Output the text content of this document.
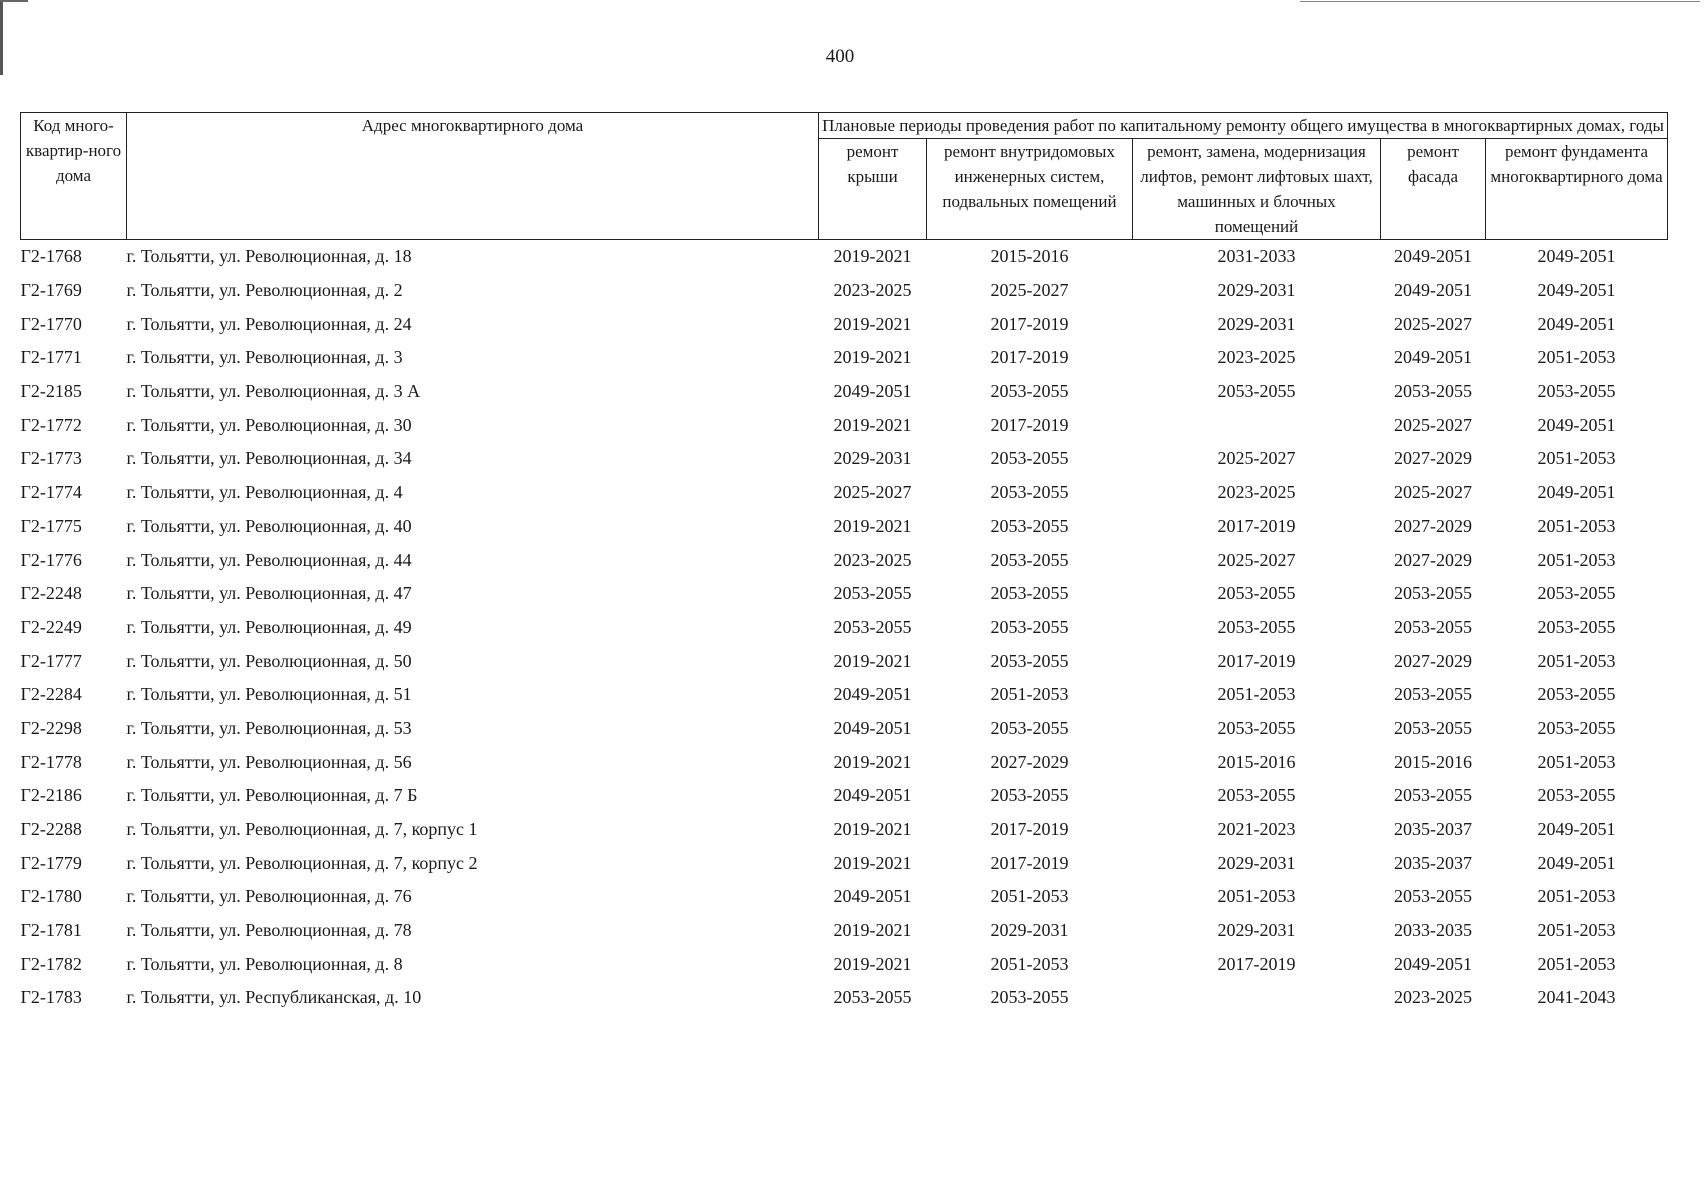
400
Код много-квартир-ного дома	Адрес многоквартирного дома	Плановые периоды проведения работ по капитальному ремонту общего имущества в многоквартирных домах, годы				
		ремонт крыши	ремонт внутридомовых инженерных систем, подвальных помещений	ремонт, замена, модернизация лифтов, ремонт лифтовых шахт, машинных и блочных помещений	ремонт фасада	ремонт фундамента многоквартирного дома
Г2-1768	г. Тольятти, ул. Революционная, д. 18	2019-2021	2015-2016	2031-2033	2049-2051	2049-2051
Г2-1769	г. Тольятти, ул. Революционная, д. 2	2023-2025	2025-2027	2029-2031	2049-2051	2049-2051
Г2-1770	г. Тольятти, ул. Революционная, д. 24	2019-2021	2017-2019	2029-2031	2025-2027	2049-2051
Г2-1771	г. Тольятти, ул. Революционная, д. 3	2019-2021	2017-2019	2023-2025	2049-2051	2051-2053
Г2-2185	г. Тольятти, ул. Революционная, д. 3 А	2049-2051	2053-2055	2053-2055	2053-2055	2053-2055
Г2-1772	г. Тольятти, ул. Революционная, д. 30	2019-2021	2017-2019		2025-2027	2049-2051
Г2-1773	г. Тольятти, ул. Революционная, д. 34	2029-2031	2053-2055	2025-2027	2027-2029	2051-2053
Г2-1774	г. Тольятти, ул. Революционная, д. 4	2025-2027	2053-2055	2023-2025	2025-2027	2049-2051
Г2-1775	г. Тольятти, ул. Революционная, д. 40	2019-2021	2053-2055	2017-2019	2027-2029	2051-2053
Г2-1776	г. Тольятти, ул. Революционная, д. 44	2023-2025	2053-2055	2025-2027	2027-2029	2051-2053
Г2-2248	г. Тольятти, ул. Революционная, д. 47	2053-2055	2053-2055	2053-2055	2053-2055	2053-2055
Г2-2249	г. Тольятти, ул. Революционная, д. 49	2053-2055	2053-2055	2053-2055	2053-2055	2053-2055
Г2-1777	г. Тольятти, ул. Революционная, д. 50	2019-2021	2053-2055	2017-2019	2027-2029	2051-2053
Г2-2284	г. Тольятти, ул. Революционная, д. 51	2049-2051	2051-2053	2051-2053	2053-2055	2053-2055
Г2-2298	г. Тольятти, ул. Революционная, д. 53	2049-2051	2053-2055	2053-2055	2053-2055	2053-2055
Г2-1778	г. Тольятти, ул. Революционная, д. 56	2019-2021	2027-2029	2015-2016	2015-2016	2051-2053
Г2-2186	г. Тольятти, ул. Революционная, д. 7 Б	2049-2051	2053-2055	2053-2055	2053-2055	2053-2055
Г2-2288	г. Тольятти, ул. Революционная, д. 7, корпус 1	2019-2021	2017-2019	2021-2023	2035-2037	2049-2051
Г2-1779	г. Тольятти, ул. Революционная, д. 7, корпус 2	2019-2021	2017-2019	2029-2031	2035-2037	2049-2051
Г2-1780	г. Тольятти, ул. Революционная, д. 76	2049-2051	2051-2053	2051-2053	2053-2055	2051-2053
Г2-1781	г. Тольятти, ул. Революционная, д. 78	2019-2021	2029-2031	2029-2031	2033-2035	2051-2053
Г2-1782	г. Тольятти, ул. Революционная, д. 8	2019-2021	2051-2053	2017-2019	2049-2051	2051-2053
Г2-1783	г. Тольятти, ул. Республиканская, д. 10	2053-2055	2053-2055		2023-2025	2041-2043
